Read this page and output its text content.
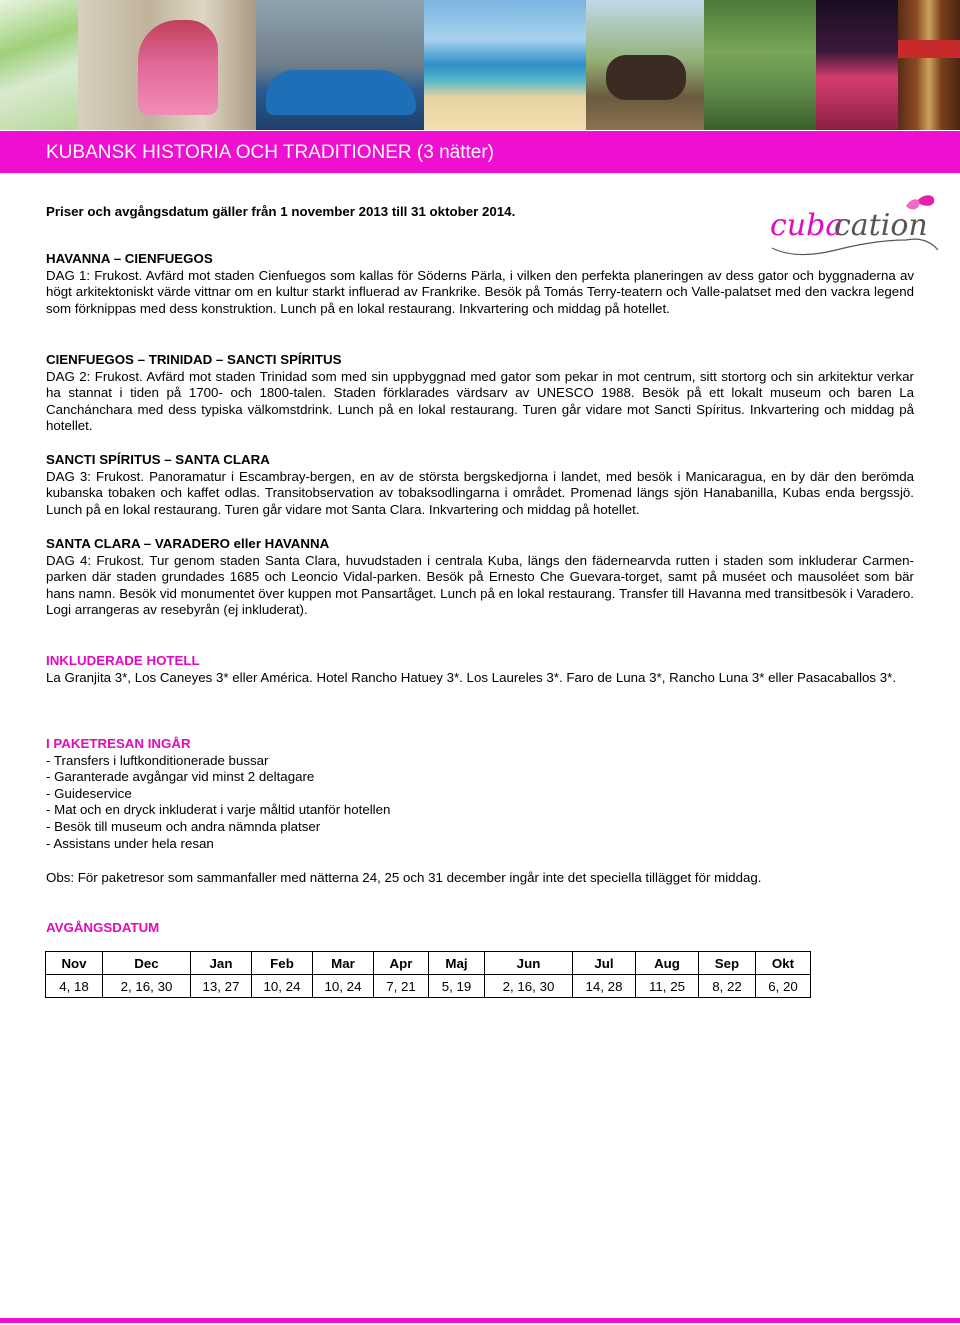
KUBANSK HISTORIA OCH TRADITIONER (3 nätter)
cuba
cation

Priser och avgångsdatum gäller från 1 november 2013 till 31 oktober 2014.

HAVANNA – CIENFUEGOS

DAG 1: Frukost. Avfärd mot staden Cienfuegos som kallas för Söderns Pärla, i vilken den perfekta planeringen av dess gator och byggnaderna av högt arkitektoniskt värde vittnar om en kultur starkt influerad av Frankrike. Besök på Tomás Terry-teatern och Valle-palatset med den vackra legend som förknippas med dess konstruktion. Lunch på en lokal restaurang. Inkvartering och middag på hotellet.

CIENFUEGOS – TRINIDAD – SANCTI SPÍRITUS

DAG 2: Frukost. Avfärd mot staden Trinidad som med sin uppbyggnad med gator som pekar in mot centrum, sitt stortorg och sin arkitektur verkar ha stannat i tiden på 1700- och 1800-talen. Staden förklarades värdsarv av UNESCO 1988. Besök på ett lokalt museum och baren La Canchánchara med dess typiska välkomstdrink. Lunch på en lokal restaurang. Turen går vidare mot Sancti Spíritus. Inkvartering och middag på hotellet.

SANCTI SPÍRITUS – SANTA CLARA

DAG 3: Frukost. Panoramatur i Escambray-bergen, en av de största bergskedjorna i landet, med besök i Manicaragua, en by där den berömda kubanska tobaken och kaffet odlas. Transitobservation av tobaksodlingarna i området. Promenad längs sjön Hanabanilla, Kubas enda bergssjö. Lunch på en lokal restaurang. Turen går vidare mot Santa Clara. Inkvartering och middag på hotellet.

SANTA CLARA – VARADERO eller HAVANNA

DAG 4: Frukost. Tur genom staden Santa Clara, huvudstaden i centrala Kuba, längs den fädernearvda rutten i staden som inkluderar Carmen-parken där staden grundades 1685 och Leoncio Vidal-parken. Besök på Ernesto Che Guevara-torget, samt på muséet och mausoléet som bär hans namn. Besök vid monumentet över kuppen mot Pansartåget. Lunch på en lokal restaurang. Transfer till Havanna med transitbesök i Varadero. Logi arrangeras av resebyrån (ej inkluderat).

INKLUDERADE HOTELL

La Granjita 3*, Los Caneyes 3* eller América. Hotel Rancho Hatuey 3*. Los Laureles 3*. Faro de Luna 3*, Rancho Luna 3* eller Pasacaballos 3*.

I PAKETRESAN INGÅR

- Transfers i luftkonditionerade bussar

- Garanterade avgångar vid minst 2 deltagare

- Guideservice

- Mat och en dryck inkluderat i varje måltid utanför hotellen

- Besök till museum och andra nämnda platser

- Assistans under hela resan

Obs: För paketresor som sammanfaller med nätterna 24, 25 och 31 december ingår inte det speciella tillägget för middag.

AVGÅNGSDATUM

Nov	Dec	Jan	Feb	Mar	Apr	Maj	Jun	Jul	Aug	Sep	Okt
4, 18	2, 16, 30	13, 27	10, 24	10, 24	7, 21	5, 19	2, 16, 30	14, 28	11, 25	8, 22	6, 20
